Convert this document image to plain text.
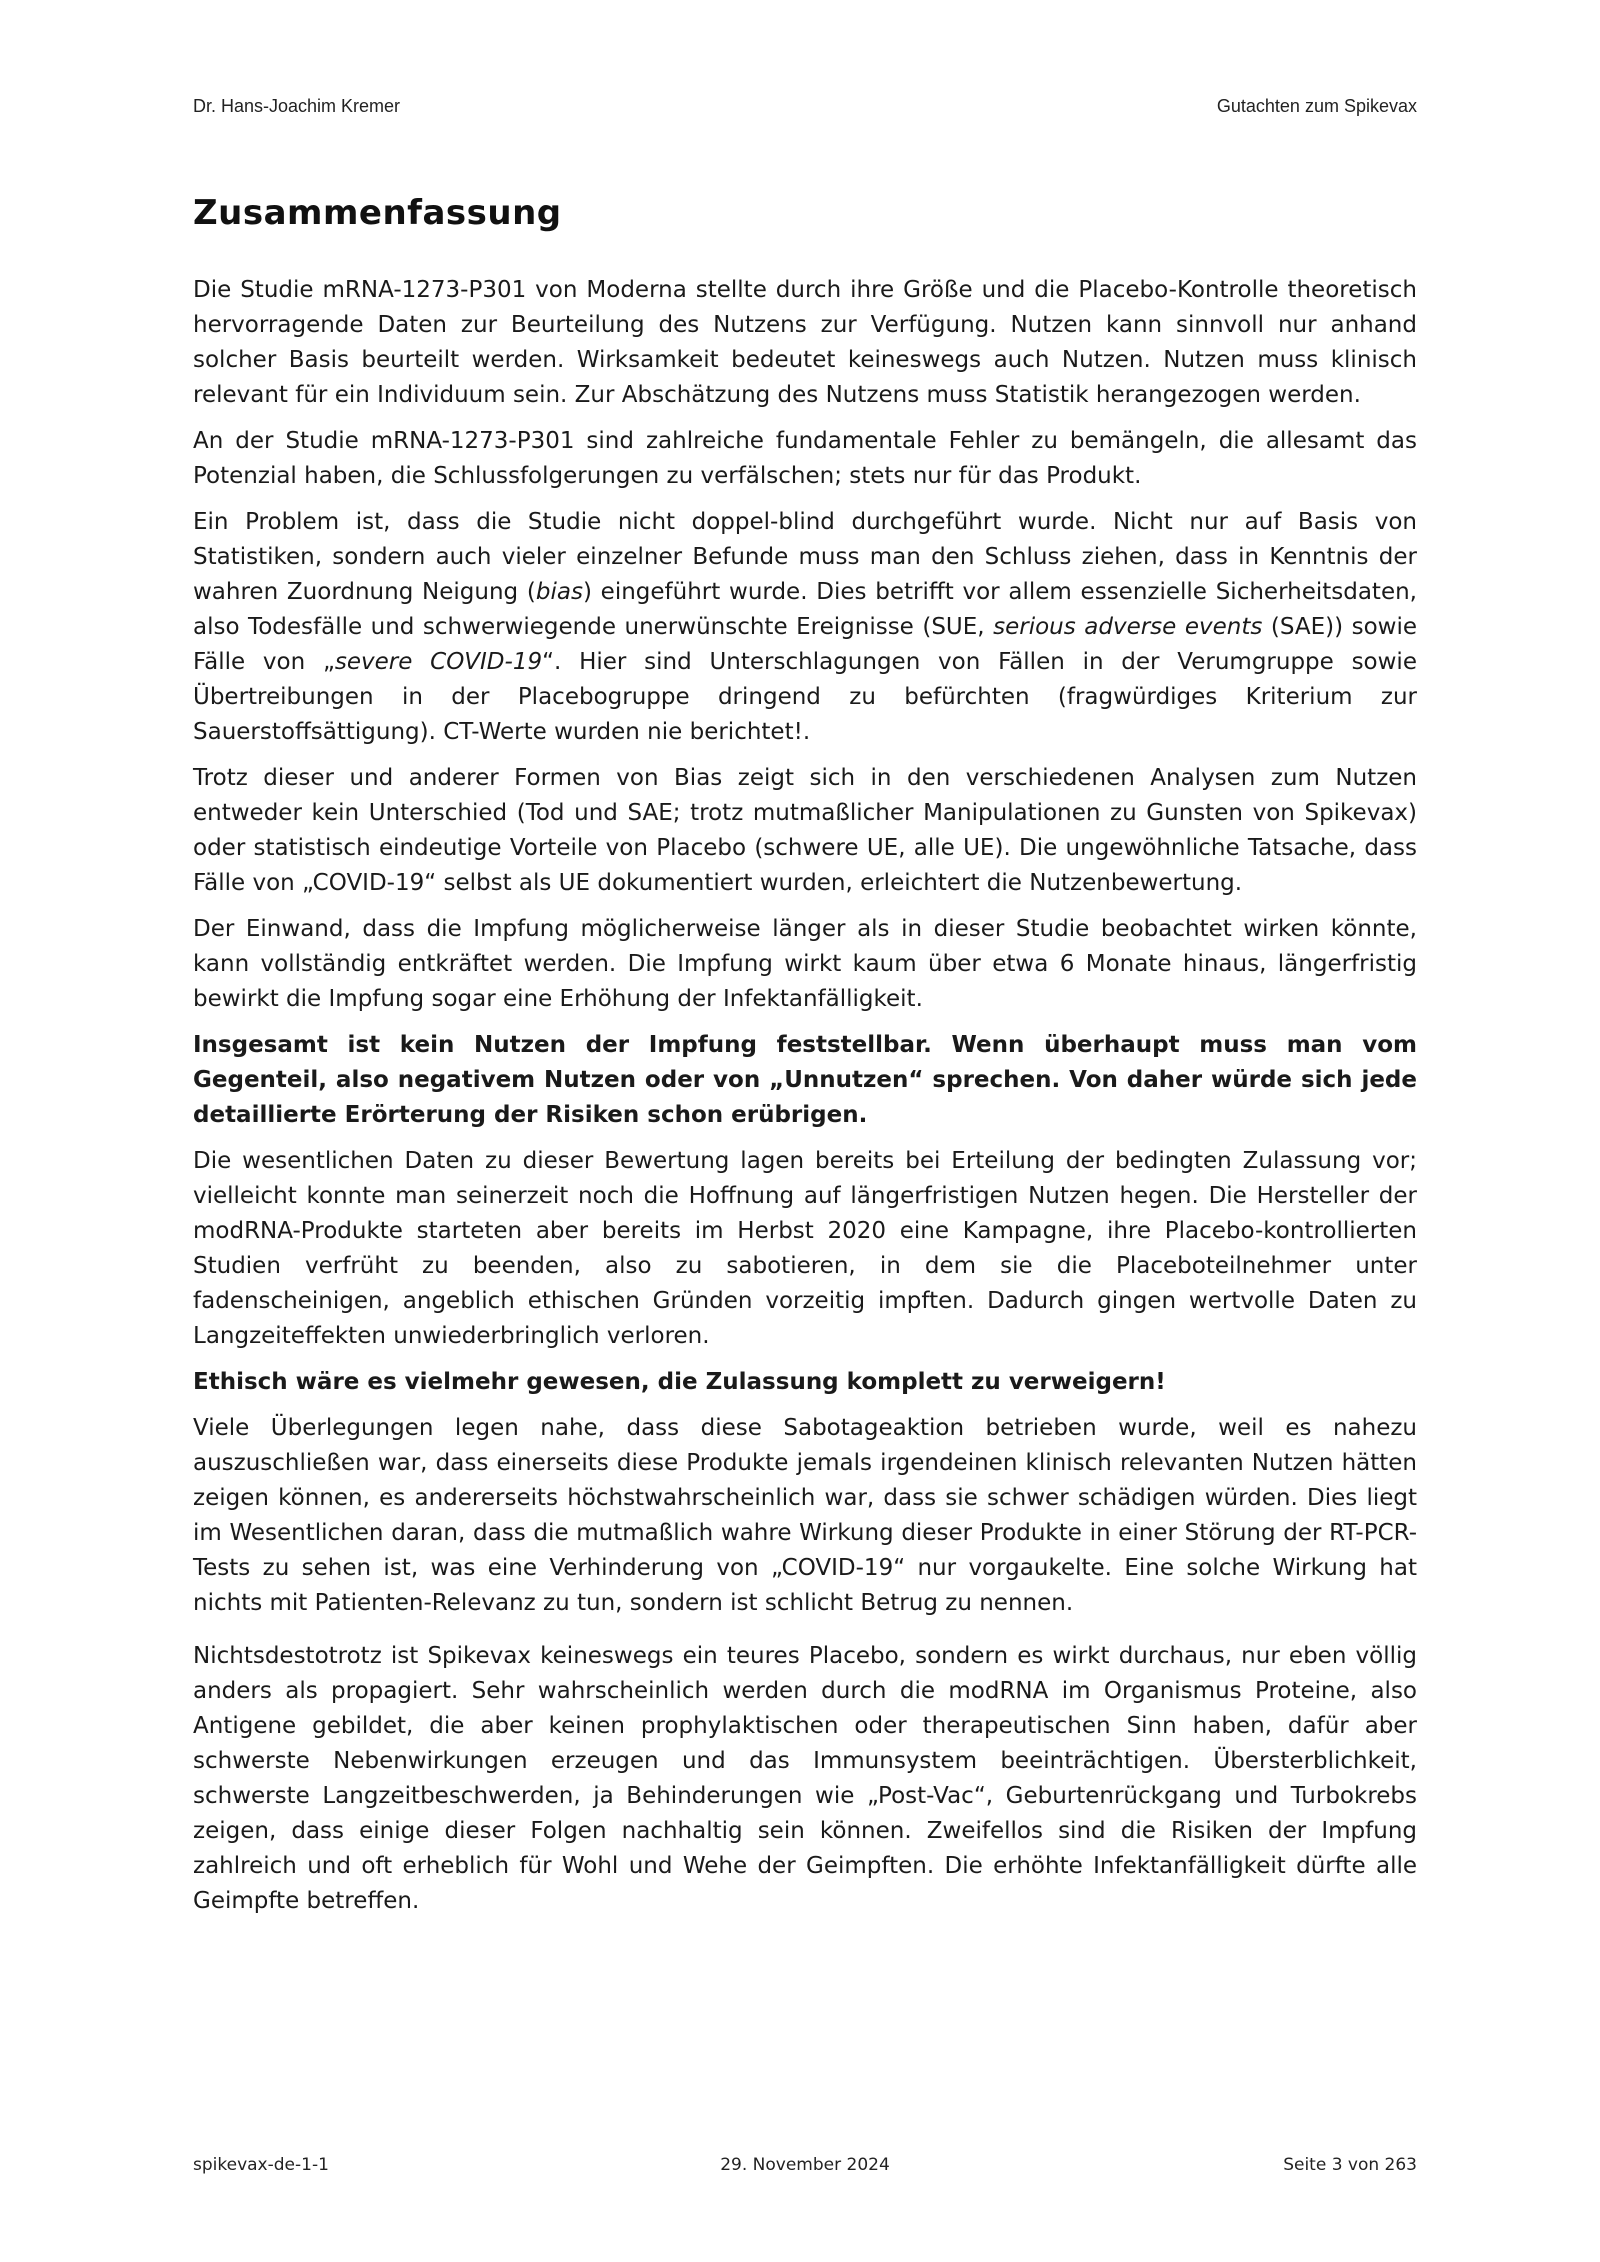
Dr. Hans-Joachim Kremer	Gutachten zum Spikevax
Zusammenfassung

Die Studie mRNA-1273-P301 von Moderna stellte durch ihre Größe und die Placebo-Kontrolle theoretisch hervorragende Daten zur Beurteilung des Nutzens zur Verfügung. Nutzen kann sinnvoll nur anhand solcher Basis beurteilt werden. Wirksamkeit bedeutet keineswegs auch Nutzen. Nutzen muss klinisch relevant für ein Individuum sein. Zur Abschätzung des Nutzens muss Statistik herangezogen werden.

An der Studie mRNA-1273-P301 sind zahlreiche fundamentale Fehler zu bemängeln, die allesamt das Potenzial haben, die Schlussfolgerungen zu verfälschen; stets nur für das Produkt.

Ein Problem ist, dass die Studie nicht doppel-blind durchgeführt wurde. Nicht nur auf Basis von Statistiken, sondern auch vieler einzelner Befunde muss man den Schluss ziehen, dass in Kenntnis der wahren Zuordnung Neigung (bias) eingeführt wurde. Dies betrifft vor allem essenzielle Sicherheitsdaten, also Todesfälle und schwerwiegende unerwünschte Ereignisse (SUE, serious adverse events (SAE)) sowie Fälle von „severe COVID-19“. Hier sind Unterschlagungen von Fällen in der Verumgruppe sowie Übertreibungen in der Placebogruppe dringend zu befürchten (fragwürdiges Kriterium zur Sauerstoffsättigung). CT-Werte wurden nie berichtet!.

Trotz dieser und anderer Formen von Bias zeigt sich in den verschiedenen Analysen zum Nutzen entweder kein Unterschied (Tod und SAE; trotz mutmaßlicher Manipulationen zu Gunsten von Spikevax) oder statistisch eindeutige Vorteile von Placebo (schwere UE, alle UE). Die ungewöhnliche Tatsache, dass Fälle von „COVID-19“ selbst als UE dokumentiert wurden, erleichtert die Nutzenbewertung.

Der Einwand, dass die Impfung möglicherweise länger als in dieser Studie beobachtet wirken könnte, kann vollständig entkräftet werden. Die Impfung wirkt kaum über etwa 6 Monate hinaus, längerfristig bewirkt die Impfung sogar eine Erhöhung der Infektanfälligkeit.

Insgesamt ist kein Nutzen der Impfung feststellbar. Wenn überhaupt muss man vom Gegenteil, also negativem Nutzen oder von „Unnutzen“ sprechen. Von daher würde sich jede detaillierte Erörterung der Risiken schon erübrigen.

Die wesentlichen Daten zu dieser Bewertung lagen bereits bei Erteilung der bedingten Zulassung vor; vielleicht konnte man seinerzeit noch die Hoffnung auf längerfristigen Nutzen hegen. Die Hersteller der modRNA-Produkte starteten aber bereits im Herbst 2020 eine Kampagne, ihre Placebo-kontrollierten Studien verfrüht zu beenden, also zu sabotieren, in dem sie die Placeboteilnehmer unter fadenscheinigen, angeblich ethischen Gründen vorzeitig impften. Dadurch gingen wertvolle Daten zu Langzeiteffekten unwiederbringlich verloren.

Ethisch wäre es vielmehr gewesen, die Zulassung komplett zu verweigern!

Viele Überlegungen legen nahe, dass diese Sabotageaktion betrieben wurde, weil es nahezu auszuschließen war, dass einerseits diese Produkte jemals irgendeinen klinisch relevanten Nutzen hätten zeigen können, es andererseits höchstwahrscheinlich war, dass sie schwer schädigen würden. Dies liegt im Wesentlichen daran, dass die mutmaßlich wahre Wirkung dieser Produkte in einer Störung der RT-PCR-Tests zu sehen ist, was eine Verhinderung von „COVID-19“ nur vorgaukelte. Eine solche Wirkung hat nichts mit Patienten-Relevanz zu tun, sondern ist schlicht Betrug zu nennen.

Nichtsdestotrotz ist Spikevax keineswegs ein teures Placebo, sondern es wirkt durchaus, nur eben völlig anders als propagiert. Sehr wahrscheinlich werden durch die modRNA im Organismus Proteine, also Antigene gebildet, die aber keinen prophylaktischen oder therapeutischen Sinn haben, dafür aber schwerste Nebenwirkungen erzeugen und das Immunsystem beeinträchtigen. Übersterblichkeit, schwerste Langzeitbeschwerden, ja Behinderungen wie „Post-Vac“, Geburtenrückgang und Turbokrebs zeigen, dass einige dieser Folgen nachhaltig sein können. Zweifellos sind die Risiken der Impfung zahlreich und oft erheblich für Wohl und Wehe der Geimpften. Die erhöhte Infektanfälligkeit dürfte alle Geimpfte betreffen.

spikevax-de-1-1	29. November 2024	Seite 3 von 263
